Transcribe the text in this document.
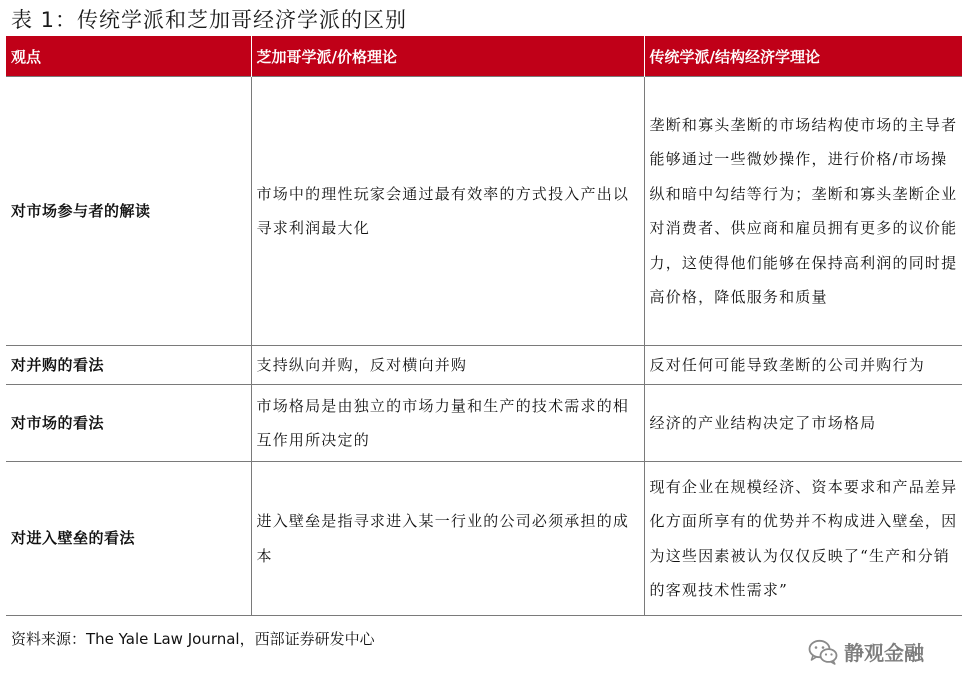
表 1：传统学派和芝加哥经济学派的区别
观点	芝加哥学派/价格理论	传统学派/结构经济学理论
对市场参与者的解读	市场中的理性玩家会通过最有效率的方式投入产出以寻求利润最大化	垄断和寡头垄断的市场结构使市场的主导者能够通过一些微妙操作，进行价格/市场操纵和暗中勾结等行为；垄断和寡头垄断企业对消费者、供应商和雇员拥有更多的议价能力，这使得他们能够在保持高利润的同时提高价格，降低服务和质量
对并购的看法	支持纵向并购，反对横向并购	反对任何可能导致垄断的公司并购行为
对市场的看法	市场格局是由独立的市场力量和生产的技术需求的相互作用所决定的	经济的产业结构决定了市场格局
对进入壁垒的看法	进入壁垒是指寻求进入某一行业的公司必须承担的成本	现有企业在规模经济、资本要求和产品差异化方面所享有的优势并不构成进入壁垒，因为这些因素被认为仅仅反映了“生产和分销的客观技术性需求”
资料来源：The Yale Law Journal，西部证券研发中心
静观金融
